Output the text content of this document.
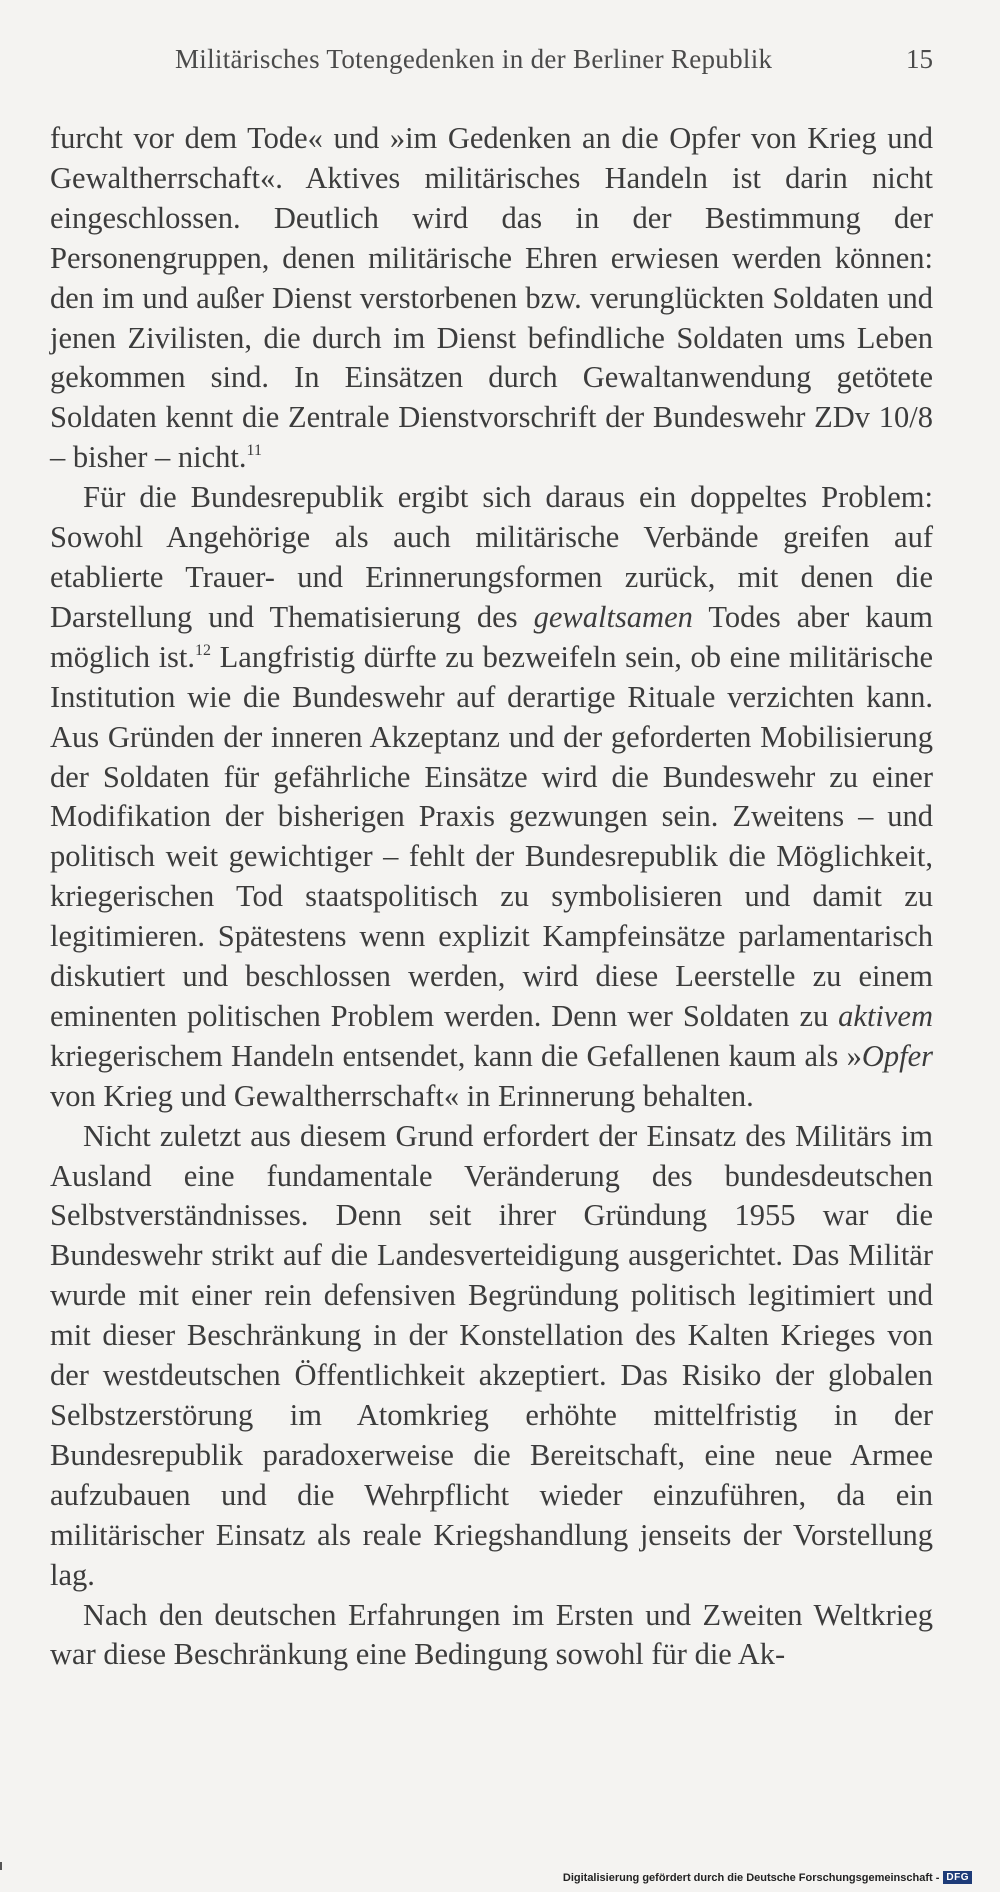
Militärisches Totengedenken in der Berliner Republik	15

furcht vor dem Tode« und »im Gedenken an die Opfer von Krieg und Gewaltherrschaft«. Aktives militärisches Handeln ist darin nicht eingeschlossen. Deutlich wird das in der Bestimmung der Personengruppen, denen militärische Ehren erwiesen werden können: den im und außer Dienst verstorbenen bzw. verunglückten Soldaten und jenen Zivilisten, die durch im Dienst befindliche Soldaten ums Leben gekommen sind. In Einsätzen durch Gewaltanwendung getötete Soldaten kennt die Zentrale Dienstvorschrift der Bundeswehr ZDv 10/8 – bisher – nicht.$^{11}$

Für die Bundesrepublik ergibt sich daraus ein doppeltes Problem: Sowohl Angehörige als auch militärische Verbände greifen auf etablierte Trauer- und Erinnerungsformen zurück, mit denen die Darstellung und Thematisierung des gewaltsamen Todes aber kaum möglich ist.$^{12}$ Langfristig dürfte zu bezweifeln sein, ob eine militärische Institution wie die Bundeswehr auf derartige Rituale verzichten kann. Aus Gründen der inneren Akzeptanz und der geforderten Mobilisierung der Soldaten für gefährliche Einsätze wird die Bundeswehr zu einer Modifikation der bisherigen Praxis gezwungen sein. Zweitens – und politisch weit gewichtiger – fehlt der Bundesrepublik die Möglichkeit, kriegerischen Tod staatspolitisch zu symbolisieren und damit zu legitimieren. Spätestens wenn explizit Kampfeinsätze parlamentarisch diskutiert und beschlossen werden, wird diese Leerstelle zu einem eminenten politischen Problem werden. Denn wer Soldaten zu aktivem kriegerischem Handeln entsendet, kann die Gefallenen kaum als »Opfer von Krieg und Gewaltherrschaft« in Erinnerung behalten.

Nicht zuletzt aus diesem Grund erfordert der Einsatz des Militärs im Ausland eine fundamentale Veränderung des bundesdeutschen Selbstverständnisses. Denn seit ihrer Gründung 1955 war die Bundeswehr strikt auf die Landesverteidigung ausgerichtet. Das Militär wurde mit einer rein defensiven Begründung politisch legitimiert und mit dieser Beschränkung in der Konstellation des Kalten Krieges von der westdeutschen Öffentlichkeit akzeptiert. Das Risiko der globalen Selbstzerstörung im Atomkrieg erhöhte mittelfristig in der Bundesrepublik paradoxerweise die Bereitschaft, eine neue Armee aufzubauen und die Wehrpflicht wieder einzuführen, da ein militärischer Einsatz als reale Kriegshandlung jenseits der Vorstellung lag.

Nach den deutschen Erfahrungen im Ersten und Zweiten Weltkrieg war diese Beschränkung eine Bedingung sowohl für die Ak-

Digitalisierung gefördert durch die Deutsche Forschungsgemeinschaft - DFG
